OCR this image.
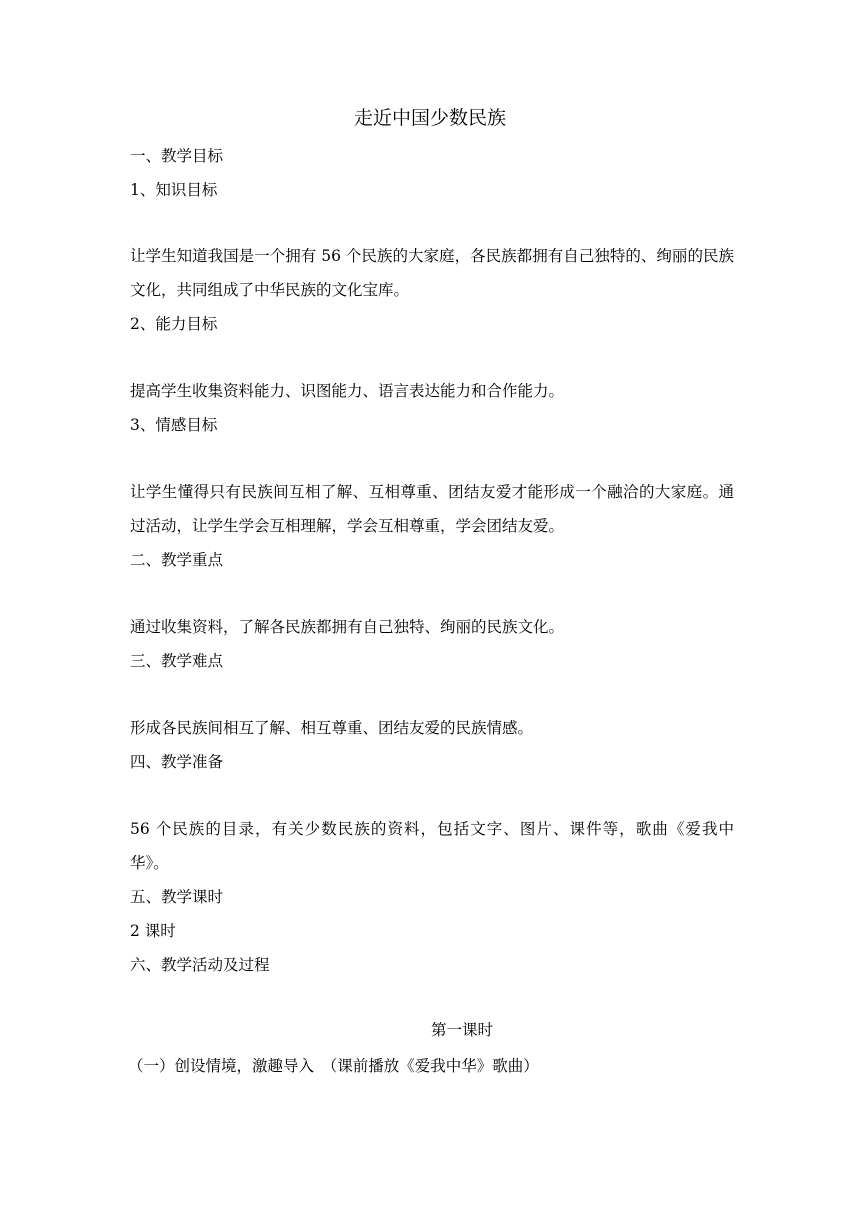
走近中国少数民族
一、教学目标
1、知识目标
让学生知道我国是一个拥有 56 个民族的大家庭，各民族都拥有自己独特的、绚丽的民族文化，共同组成了中华民族的文化宝库。
2、能力目标
提高学生收集资料能力、识图能力、语言表达能力和合作能力。
3、情感目标
让学生懂得只有民族间互相了解、互相尊重、团结友爱才能形成一个融洽的大家庭。通过活动，让学生学会互相理解，学会互相尊重，学会团结友爱。
二、教学重点
通过收集资料，了解各民族都拥有自己独特、绚丽的民族文化。
三、教学难点
形成各民族间相互了解、相互尊重、团结友爱的民族情感。
四、教学准备
56 个民族的目录，有关少数民族的资料，包括文字、图片、课件等，歌曲《爱我中华》。
五、教学课时
2 课时
六、教学活动及过程
第一课时
（一）创设情境，激趣导入　（课前播放《爱我中华》歌曲）
